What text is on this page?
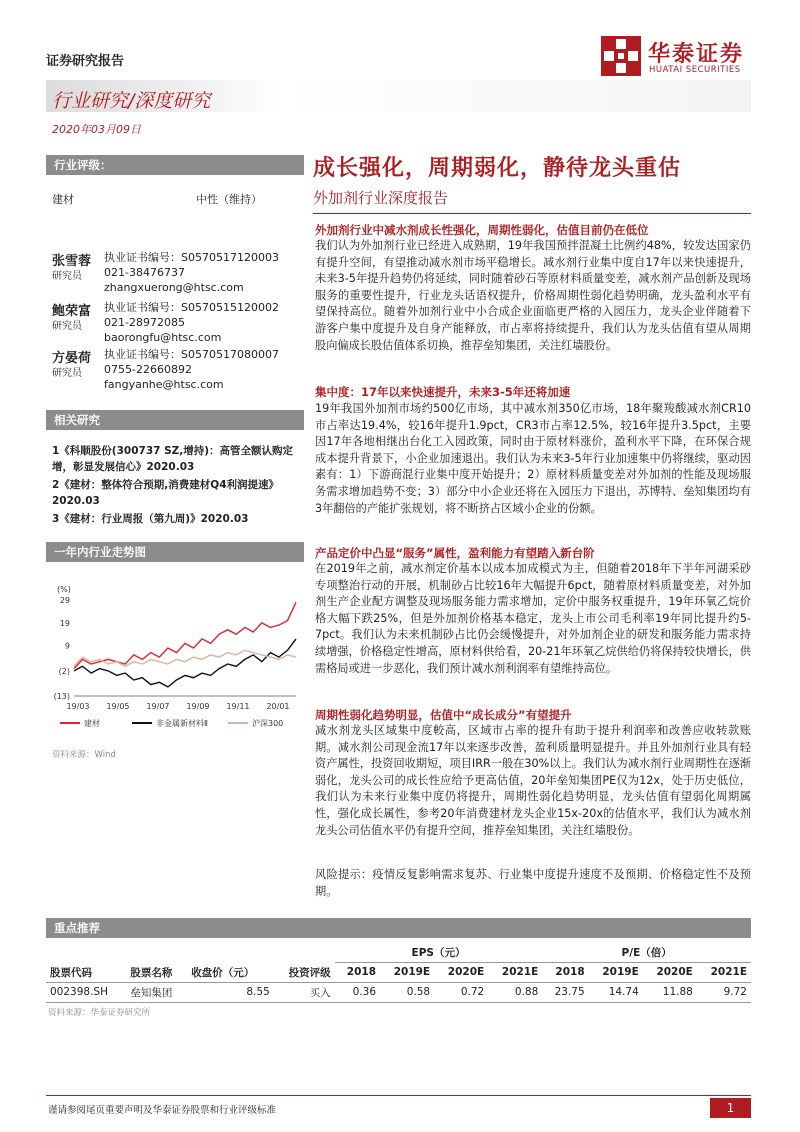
证券研究报告	华泰证券
HUATAI SECURITIES
行业研究/深度研究
2020年03月09日
行业评级：
建材	中性（维持）
张雪蓉
研究员
执业证书编号：S0570517120003
021-38476737
zhangxuerong@htsc.com
鲍荣富
研究员
执业证书编号：S0570515120002
021-28972085
baorongfu@htsc.com
方晏荷
研究员
执业证书编号：S0570517080007
0755-22660892
fangyanhe@htsc.com
相关研究
1《科顺股份(300737 SZ,增持)：高管全额认购定增，彰显发展信心》2020.03
2《建材：整体符合预期,消费建材Q4利润提速》2020.03
3《建材：行业周报（第九周)》2020.03
一年内行业走势图
(%)
29
19
9
(2)
(13)
19/03 19/05 19/07 19/09 19/11 20/01
建材	非金属新材料Ⅱ	沪深300
资料来源：Wind
成长强化，周期弱化，静待龙头重估
外加剂行业深度报告
外加剂行业中减水剂成长性强化，周期性弱化，估值目前仍在低位
我们认为外加剂行业已经进入成熟期，19年我国预拌混凝土比例约48%，较发达国家仍有提升空间，有望推动减水剂市场平稳增长。减水剂行业集中度自17年以来快速提升，未来3-5年提升趋势仍将延续，同时随着砂石等原材料质量变差，减水剂产品创新及现场服务的重要性提升，行业龙头话语权提升，价格周期性弱化趋势明确，龙头盈利水平有望保持高位。随着外加剂行业中小合成企业面临更严格的入园压力，龙头企业伴随着下游客户集中度提升及自身产能释放，市占率将持续提升，我们认为龙头估值有望从周期股向偏成长股估值体系切换，推荐垒知集团，关注红墙股份。
集中度：17年以来快速提升，未来3-5年还将加速
19年我国外加剂市场约500亿市场，其中减水剂350亿市场，18年聚羧酸减水剂CR10市占率达19.4%，较16年提升1.9pct，CR3市占率12.5%，较16年提升3.5pct，主要因17年各地相继出台化工入园政策，同时由于原材料涨价，盈利水平下降，在环保合规成本提升背景下，小企业加速退出。我们认为未来3-5年行业加速集中仍将继续，驱动因素有：1）下游商混行业集中度开始提升；2）原材料质量变差对外加剂的性能及现场服务需求增加趋势不变；3）部分中小企业还将在入园压力下退出，苏博特、垒知集团均有3年翻倍的产能扩张规划，将不断挤占区域小企业的份额。
产品定价中凸显“服务”属性，盈利能力有望踏入新台阶
在2019年之前，减水剂定价基本以成本加成模式为主，但随着2018年下半年河湖采砂专项整治行动的开展，机制砂占比较16年大幅提升6pct，随着原材料质量变差，对外加剂生产企业配方调整及现场服务能力需求增加，定价中服务权重提升，19年环氧乙烷价格大幅下跌25%，但是外加剂价格基本稳定，龙头上市公司毛利率19年同比提升约5-7pct。我们认为未来机制砂占比仍会缓慢提升，对外加剂企业的研发和服务能力需求持续增强，价格稳定性增高，原材料供给看，20-21年环氧乙烷供给仍将保持较快增长，供需格局或进一步恶化，我们预计减水剂利润率有望维持高位。
周期性弱化趋势明显，估值中“成长成分”有望提升
减水剂龙头区域集中度較高，区域市占率的提升有助于提升利润率和改善应收转款账期。减水剂公司现金流17年以来逐步改善，盈利质量明显提升。并且外加剂行业具有轻资产属性，投资回收期短，项目IRR一般在30%以上。我们认为减水剂行业周期性在逐渐弱化，龙头公司的成长性应给予更高估值，20年垒知集团PE仅为12x，处于历史低位，我们认为未来行业集中度仍将提升，周期性弱化趋势明显，龙头估值有望弱化周期属性，强化成长属性，参考20年消费建材龙头企业15x-20x的估值水平，我们认为减水剂龙头公司估值水平仍有提升空间，推荐垒知集团，关注红墙股份。
风险提示：疫情反复影响需求复苏、行业集中度提升速度不及预期、价格稳定性不及预期。
重点推荐
				EPS（元）				P/E（倍）			
股票代码	股票名称	收盘价（元）	投资评级	2018	2019E	2020E	2021E	2018	2019E	2020E	2021E
002398.SH	垒知集团	8.55	买入	0.36	0.58	0.72	0.88	23.75	14.74	11.88	9.72
资料来源：华泰证券研究所
谨请参阅尾页重要声明及华泰证券股票和行业评级标准	1
